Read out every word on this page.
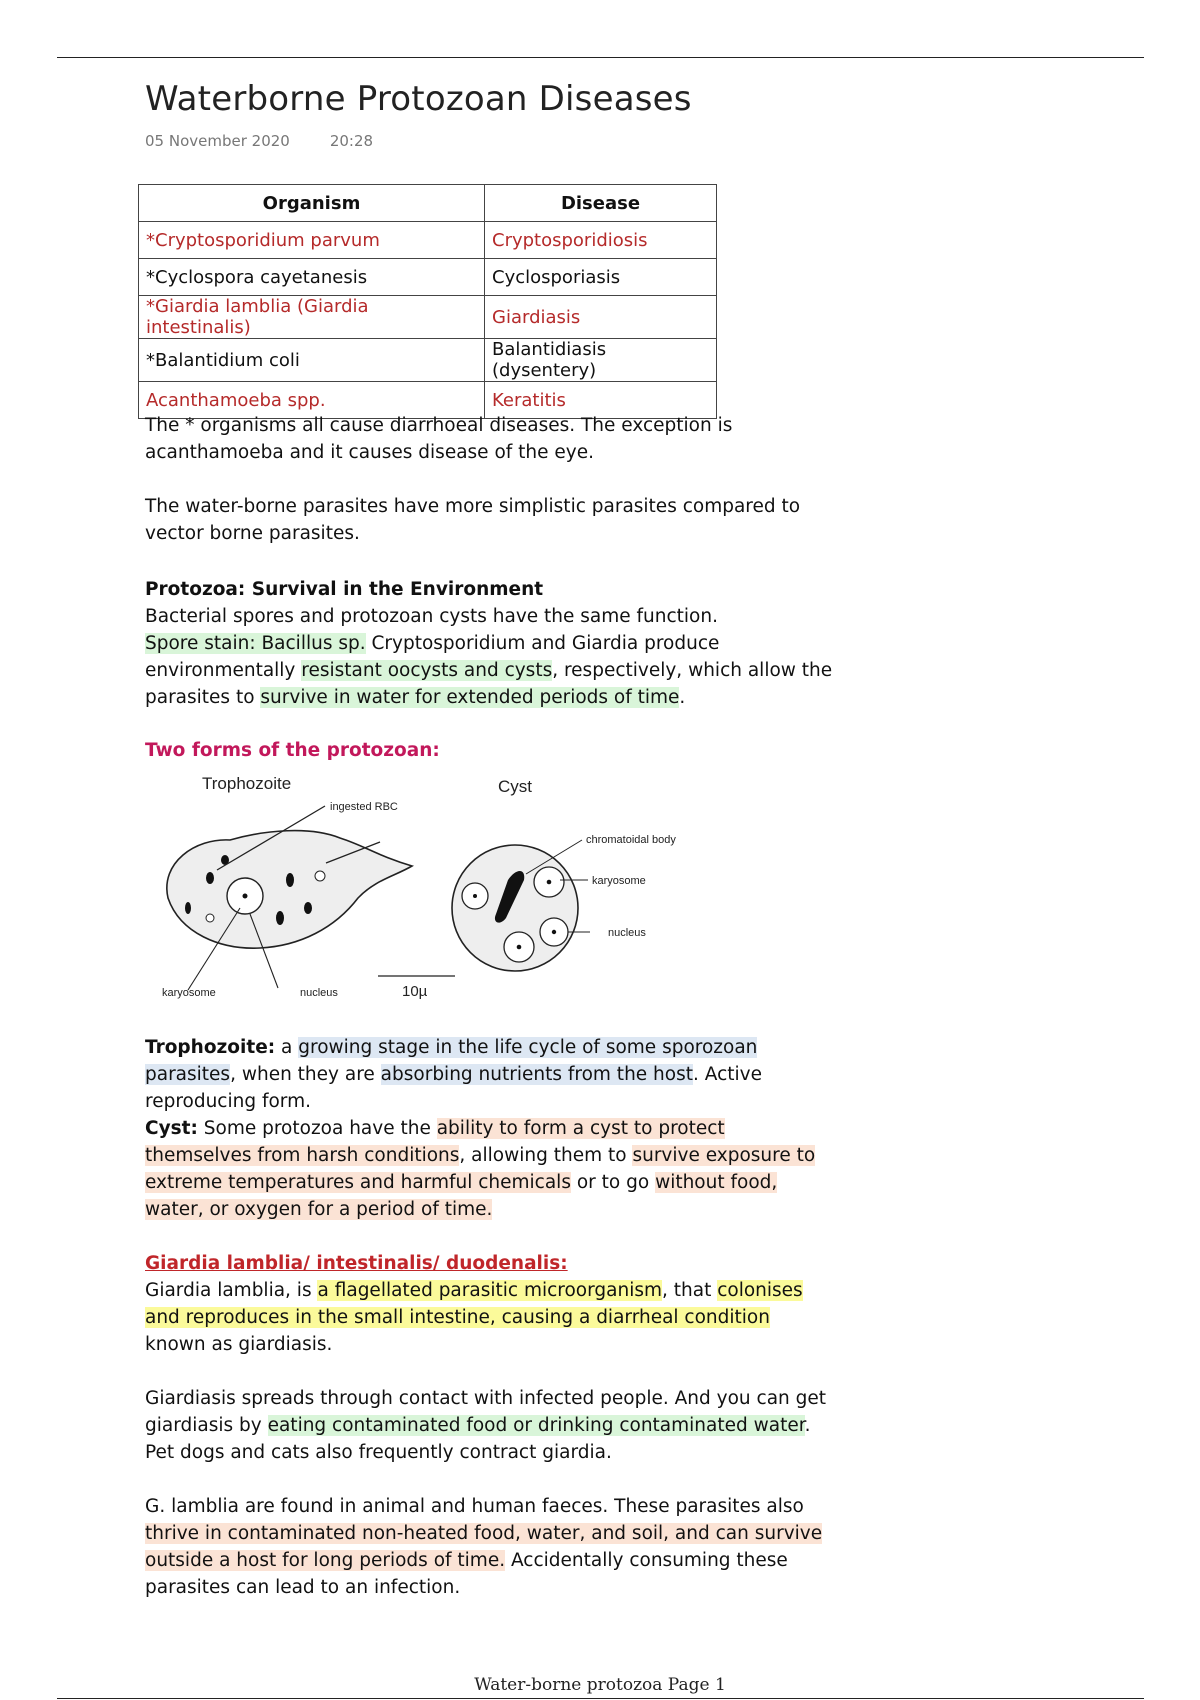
Waterborne Protozoan Diseases
05 November 2020	20:28
Organism	Disease
*Cryptosporidium parvum	Cryptosporidiosis
*Cyclospora cayetanesis	Cyclosporiasis
*Giardia lamblia (Giardia intestinalis)	Giardiasis
*Balantidium coli	Balantidiasis (dysentery)
Acanthamoeba spp.	Keratitis

The * organisms all cause diarrhoeal diseases. The exception is acanthamoeba and it causes disease of the eye.

The water-borne parasites have more simplistic parasites compared to vector borne parasites.

Protozoa: Survival in the Environment

Bacterial spores and protozoan cysts have the same function.

Spore stain: Bacillus sp. Cryptosporidium and Giardia produce environmentally resistant oocysts and cysts, respectively, which allow the parasites to survive in water for extended periods of time.

Two forms of the protozoan:

Trophozoite	Cyst
ingested RBC
karyosome	nucleus	10µ
chromatoidal body
karyosome
nucleus

Trophozoite: a growing stage in the life cycle of some sporozoan parasites, when they are absorbing nutrients from the host. Active reproducing form.

Cyst: Some protozoa have the ability to form a cyst to protect themselves from harsh conditions, allowing them to survive exposure to extreme temperatures and harmful chemicals or to go without food, water, or oxygen for a period of time.

Giardia lamblia/ intestinalis/ duodenalis:

Giardia lamblia, is a flagellated parasitic microorganism, that colonises and reproduces in the small intestine, causing a diarrheal condition known as giardiasis.

Giardiasis spreads through contact with infected people. And you can get giardiasis by eating contaminated food or drinking contaminated water. Pet dogs and cats also frequently contract giardia.

G. lamblia are found in animal and human faeces. These parasites also thrive in contaminated non-heated food, water, and soil, and can survive outside a host for long periods of time. Accidentally consuming these parasites can lead to an infection.

Water-borne protozoa Page 1
